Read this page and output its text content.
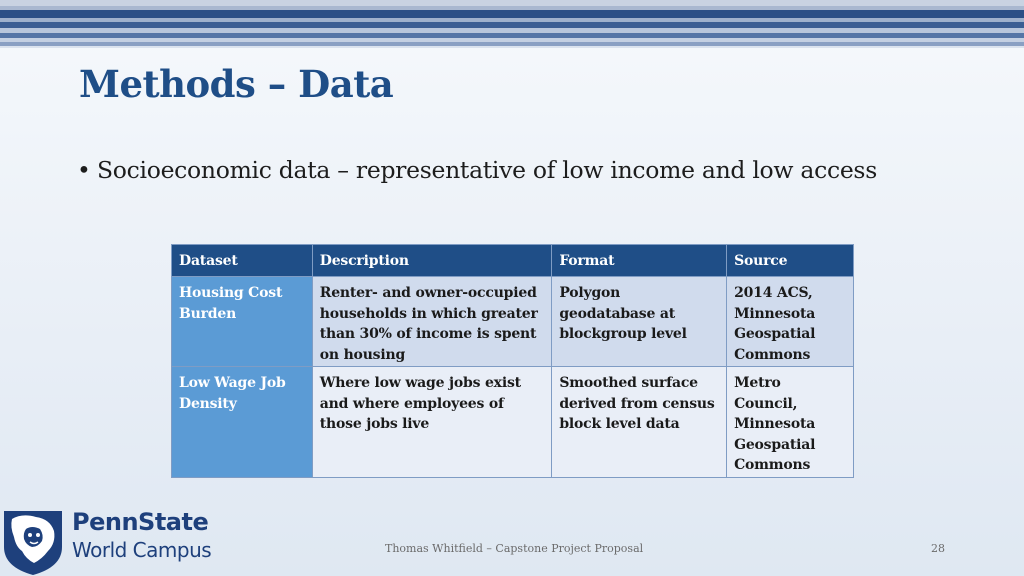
Methods – Data
• Socioeconomic data – representative of low income and low access
Dataset	Description	Format	Source
Housing Cost Burden	Renter- and owner-occupied households in which greater than 30% of income is spent on housing	Polygon geodatabase at blockgroup level	2014 ACS, Minnesota Geospatial Commons
Low Wage Job Density	Where low wage jobs exist and where employees of those jobs live	Smoothed surface derived from census block level data	Metro Council, Minnesota Geospatial Commons
PennState
World Campus	Thomas Whitfield – Capstone Project Proposal	28
